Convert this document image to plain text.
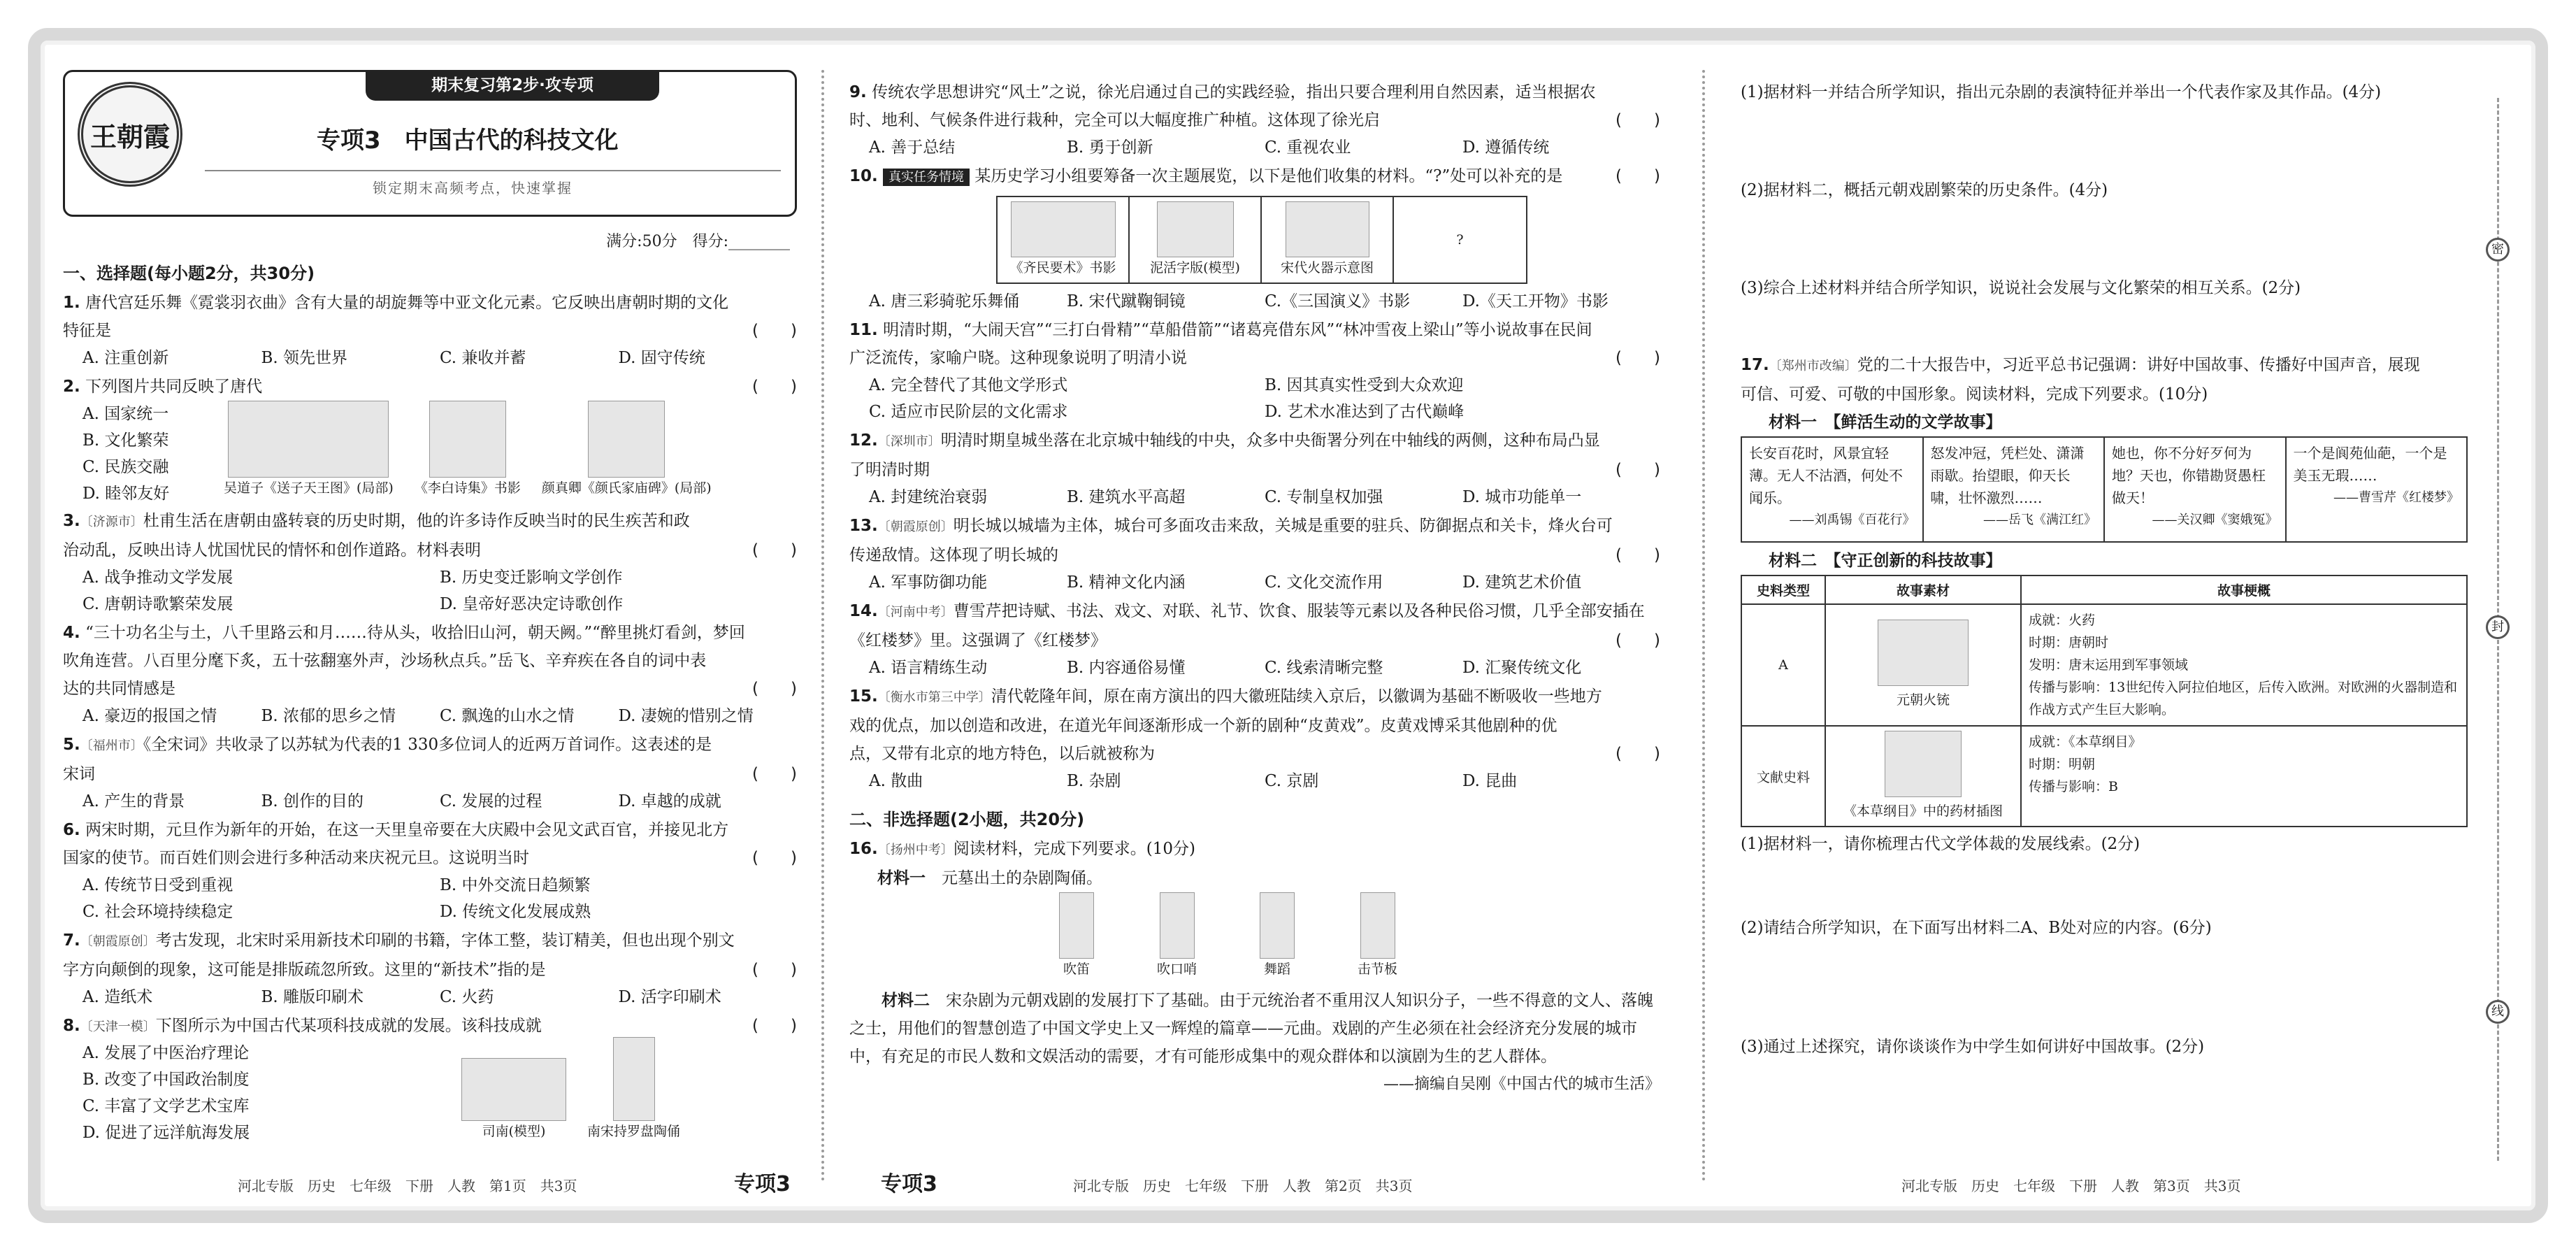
密
封
线
王朝霞
期末复习第2步·攻专项
专项3　中国古代的科技文化
锁定期末高频考点，快速掌握
满分:50分　得分:________
一、选择题(每小题2分，共30分)

1. 唐代宫廷乐舞《霓裳羽衣曲》含有大量的胡旋舞等中亚文化元素。它反映出唐朝时期的文化

特征是	(　　)

A. 注重创新	B. 领先世界	C. 兼收并蓄	D. 固守传统

2. 下列图片共同反映了唐代	(　　)

A. 国家统一
B. 文化繁荣
C. 民族交融
D. 睦邻友好	吴道子《送子天王图》(局部) 《李白诗集》书影 颜真卿《颜氏家庙碑》(局部)

3.〔济源市〕杜甫生活在唐朝由盛转衰的历史时期，他的许多诗作反映当时的民生疾苦和政

治动乱，反映出诗人忧国忧民的情怀和创作道路。材料表明	(　　)

A. 战争推动文学发展	B. 历史变迁影响文学创作
C. 唐朝诗歌繁荣发展	D. 皇帝好恶决定诗歌创作

4. “三十功名尘与土，八千里路云和月……待从头，收拾旧山河，朝天阙。”“醉里挑灯看剑，梦回

吹角连营。八百里分麾下炙，五十弦翻塞外声，沙场秋点兵。”岳飞、辛弃疾在各自的词中表

达的共同情感是	(　　)

A. 豪迈的报国之情	B. 浓郁的思乡之情	C. 飘逸的山水之情	D. 凄婉的惜别之情

5.〔福州市〕《全宋词》共收录了以苏轼为代表的1 330多位词人的近两万首词作。这表述的是

宋词	(　　)

A. 产生的背景	B. 创作的目的	C. 发展的过程	D. 卓越的成就

6. 两宋时期，元旦作为新年的开始，在这一天里皇帝要在大庆殿中会见文武百官，并接见北方

国家的使节。而百姓们则会进行多种活动来庆祝元旦。这说明当时	(　　)

A. 传统节日受到重视	B. 中外交流日趋频繁
C. 社会环境持续稳定	D. 传统文化发展成熟

7.〔朝霞原创〕考古发现，北宋时采用新技术印刷的书籍，字体工整，装订精美，但也出现个别文

字方向颠倒的现象，这可能是排版疏忽所致。这里的“新技术”指的是	(　　)

A. 造纸术	B. 雕版印刷术	C. 火药	D. 活字印刷术

8.〔天津一模〕下图所示为中国古代某项科技成就的发展。该科技成就	(　　)

A. 发展了中医治疗理论
B. 改变了中国政治制度
C. 丰富了文学艺术宝库
D. 促进了远洋航海发展	司南(模型)	南宋持罗盘陶俑

9. 传统农学思想讲究“风土”之说，徐光启通过自己的实践经验，指出只要合理利用自然因素，适当根据农

时、地利、气候条件进行栽种，完全可以大幅度推广种植。这体现了徐光启	(　　)

A. 善于总结	B. 勇于创新	C. 重视农业	D. 遵循传统

10. 真实任务情境 某历史学习小组要筹备一次主题展览，以下是他们收集的材料。“?”处可以补充的是	(　　)

《齐民要术》书影	泥活字版(模型)	宋代火器示意图
?
A. 唐三彩骑驼乐舞俑	B. 宋代蹴鞠铜镜	C.《三国演义》书影	D.《天工开物》书影

11. 明清时期，“大闹天宫”“三打白骨精”“草船借箭”“诸葛亮借东风”“林冲雪夜上梁山”等小说故事在民间

广泛流传，家喻户晓。这种现象说明了明清小说	(　　)

A. 完全替代了其他文学形式	B. 因其真实性受到大众欢迎
C. 适应市民阶层的文化需求	D. 艺术水准达到了古代巅峰

12.〔深圳市〕明清时期皇城坐落在北京城中轴线的中央，众多中央衙署分列在中轴线的两侧，这种布局凸显

了明清时期	(　　)

A. 封建统治衰弱	B. 建筑水平高超	C. 专制皇权加强	D. 城市功能单一

13.〔朝霞原创〕明长城以城墙为主体，城台可多面攻击来敌，关城是重要的驻兵、防御据点和关卡，烽火台可

传递敌情。这体现了明长城的	(　　)

A. 军事防御功能	B. 精神文化内涵	C. 文化交流作用	D. 建筑艺术价值

14.〔河南中考〕曹雪芹把诗赋、书法、戏文、对联、礼节、饮食、服装等元素以及各种民俗习惯，几乎全部安插在

《红楼梦》里。这强调了《红楼梦》	(　　)

A. 语言精练生动	B. 内容通俗易懂	C. 线索清晰完整	D. 汇聚传统文化

15.〔衡水市第三中学〕清代乾隆年间，原在南方演出的四大徽班陆续入京后，以徽调为基础不断吸收一些地方

戏的优点，加以创造和改进，在道光年间逐渐形成一个新的剧种“皮黄戏”。皮黄戏博采其他剧种的优

点，又带有北京的地方特色，以后就被称为	(　　)

A. 散曲	B. 杂剧	C. 京剧	D. 昆曲
二、非选择题(2小题，共20分)

16.〔扬州中考〕阅读材料，完成下列要求。(10分)

材料一　 元墓出土的杂剧陶俑。

吹笛	吹口哨	舞蹈	击节板

材料二　 宋杂剧为元朝戏剧的发展打下了基础。由于元统治者不重用汉人知识分子，一些不得意的文人、落魄之士，用他们的智慧创造了中国文学史上又一辉煌的篇章——元曲。戏剧的产生必须在社会经济充分发展的城市中，有充足的市民人数和文娱活动的需要，才有可能形成集中的观众群体和以演剧为生的艺人群体。

——摘编自吴刚《中国古代的城市生活》

(1)据材料一并结合所学知识，指出元杂剧的表演特征并举出一个代表作家及其作品。(4分)

(2)据材料二，概括元朝戏剧繁荣的历史条件。(4分)

(3)综合上述材料并结合所学知识，说说社会发展与文化繁荣的相互关系。(2分)

17.〔郑州市改编〕党的二十大报告中，习近平总书记强调：讲好中国故事、传播好中国声音，展现

可信、可爱、可敬的中国形象。阅读材料，完成下列要求。(10分)

材料一　【鲜活生动的文学故事】

长安百花时，风景宜轻薄。无人不沽酒，何处不闻乐。
——刘禹锡《百花行》
	怒发冲冠，凭栏处、潇潇雨歇。抬望眼，仰天长啸，壮怀激烈……
——岳飞《满江红》
	她也，你不分好歹何为地？天也，你错勘贤愚枉做天！
——关汉卿《窦娥冤》
	一个是阆苑仙葩，一个是美玉无瑕……
——曹雪芹《红楼梦》

材料二　【守正创新的科技故事】

史料类型	故事素材	故事梗概
A	元朝火铳	成就：火药
时期：唐朝时
发明：唐末运用到军事领域
传播与影响：13世纪传入阿拉伯地区，后传入欧洲。对欧洲的火器制造和作战方式产生巨大影响。

文献史料	《本草纲目》中的药材插图	成就：《本草纲目》
时期：明朝
传播与影响：B

(1)据材料一，请你梳理古代文学体裁的发展线索。(2分)

(2)请结合所学知识，在下面写出材料二A、B处对应的内容。(6分)

(3)通过上述探究，请你谈谈作为中学生如何讲好中国故事。(2分)

河北专版　历史　七年级　下册　人教　第1页　共3页	专项3	专项3	河北专版　历史　七年级　下册　人教　第2页　共3页	河北专版　历史　七年级　下册　人教　第3页　共3页
